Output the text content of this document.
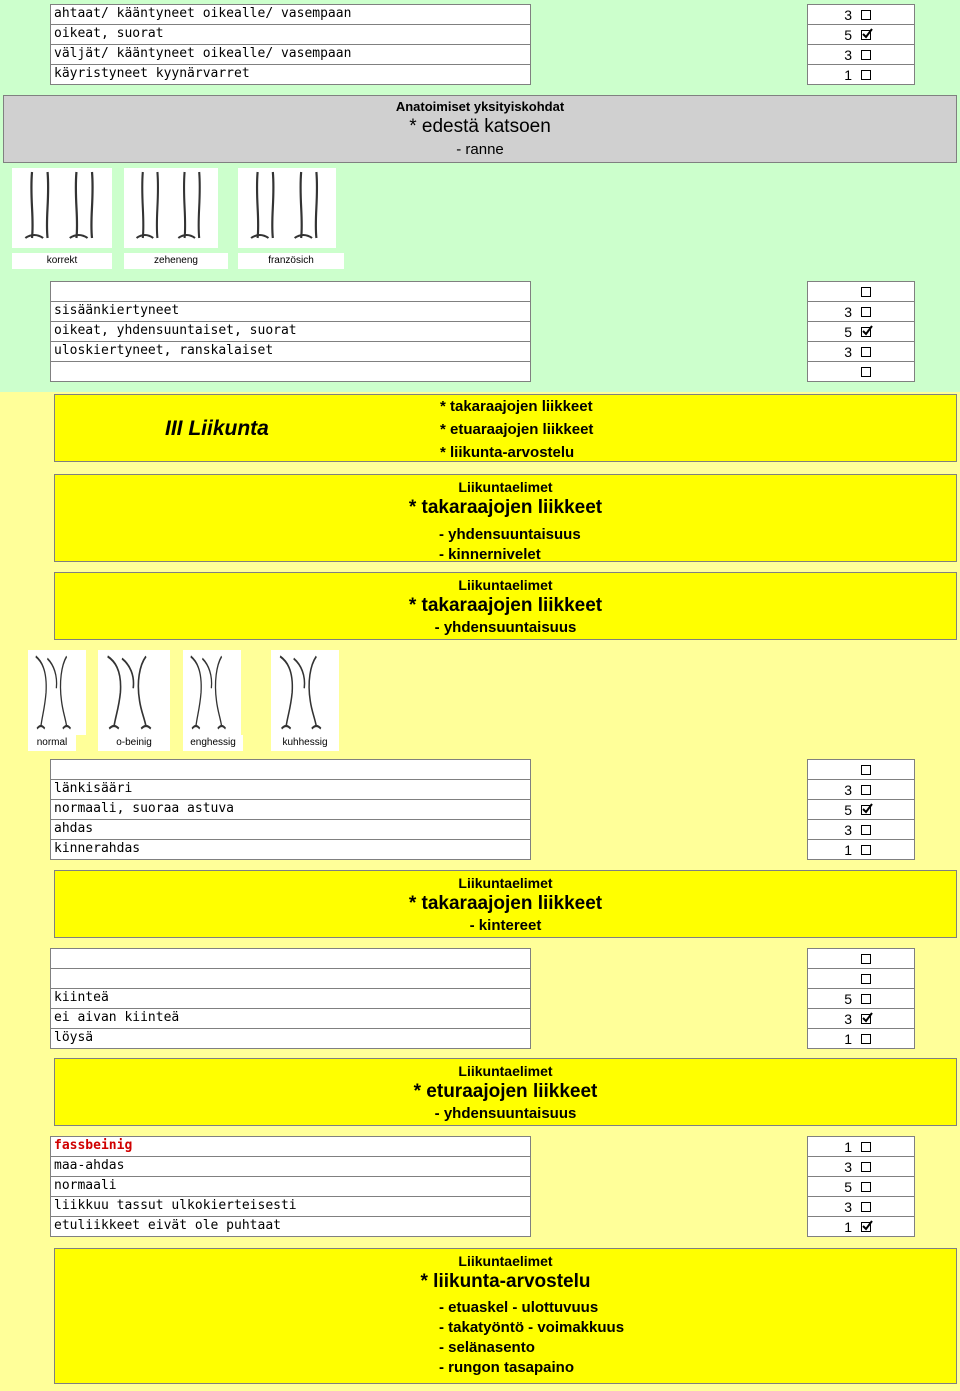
ahtaat/ kääntyneet oikealle/ vasempaan	3
oikeat, suorat	5
väljät/ kääntyneet oikealle/ vasempaan	3
käyristyneet kyynärvarret	1
Anatoimiset yksityiskohdat
* edestä katsoen
- ranne
korrekt	zeheneng	französich
sisäänkiertyneet	3
oikeat, yhdensuuntaiset, suorat	5
uloskiertyneet, ranskalaiset	3
III Liikunta
* takaraajojen liikkeet
* etuaraajojen liikkeet
* liikunta-arvostelu
Liikuntaelimet
* takaraajojen liikkeet
- yhdensuuntaisuus
- kinnernivelet
Liikuntaelimet
* takaraajojen liikkeet
- yhdensuuntaisuus
normal	o-beinig	enghessig	kuhhessig
länkisääri	3
normaali, suoraa astuva	5
ahdas	3
kinnerahdas	1
Liikuntaelimet
* takaraajojen liikkeet
- kintereet
kiinteä	5
ei aivan kiinteä	3
löysä	1
Liikuntaelimet
* eturaajojen liikkeet
- yhdensuuntaisuus
fassbeinig	1
maa-ahdas	3
normaali	5
liikkuu tassut ulkokierteisesti	3
etuliikkeet eivät ole puhtaat	1
Liikuntaelimet
* liikunta-arvostelu
- etuaskel - ulottuvuus
- takatyöntö - voimakkuus
- selänasento
- rungon tasapaino
